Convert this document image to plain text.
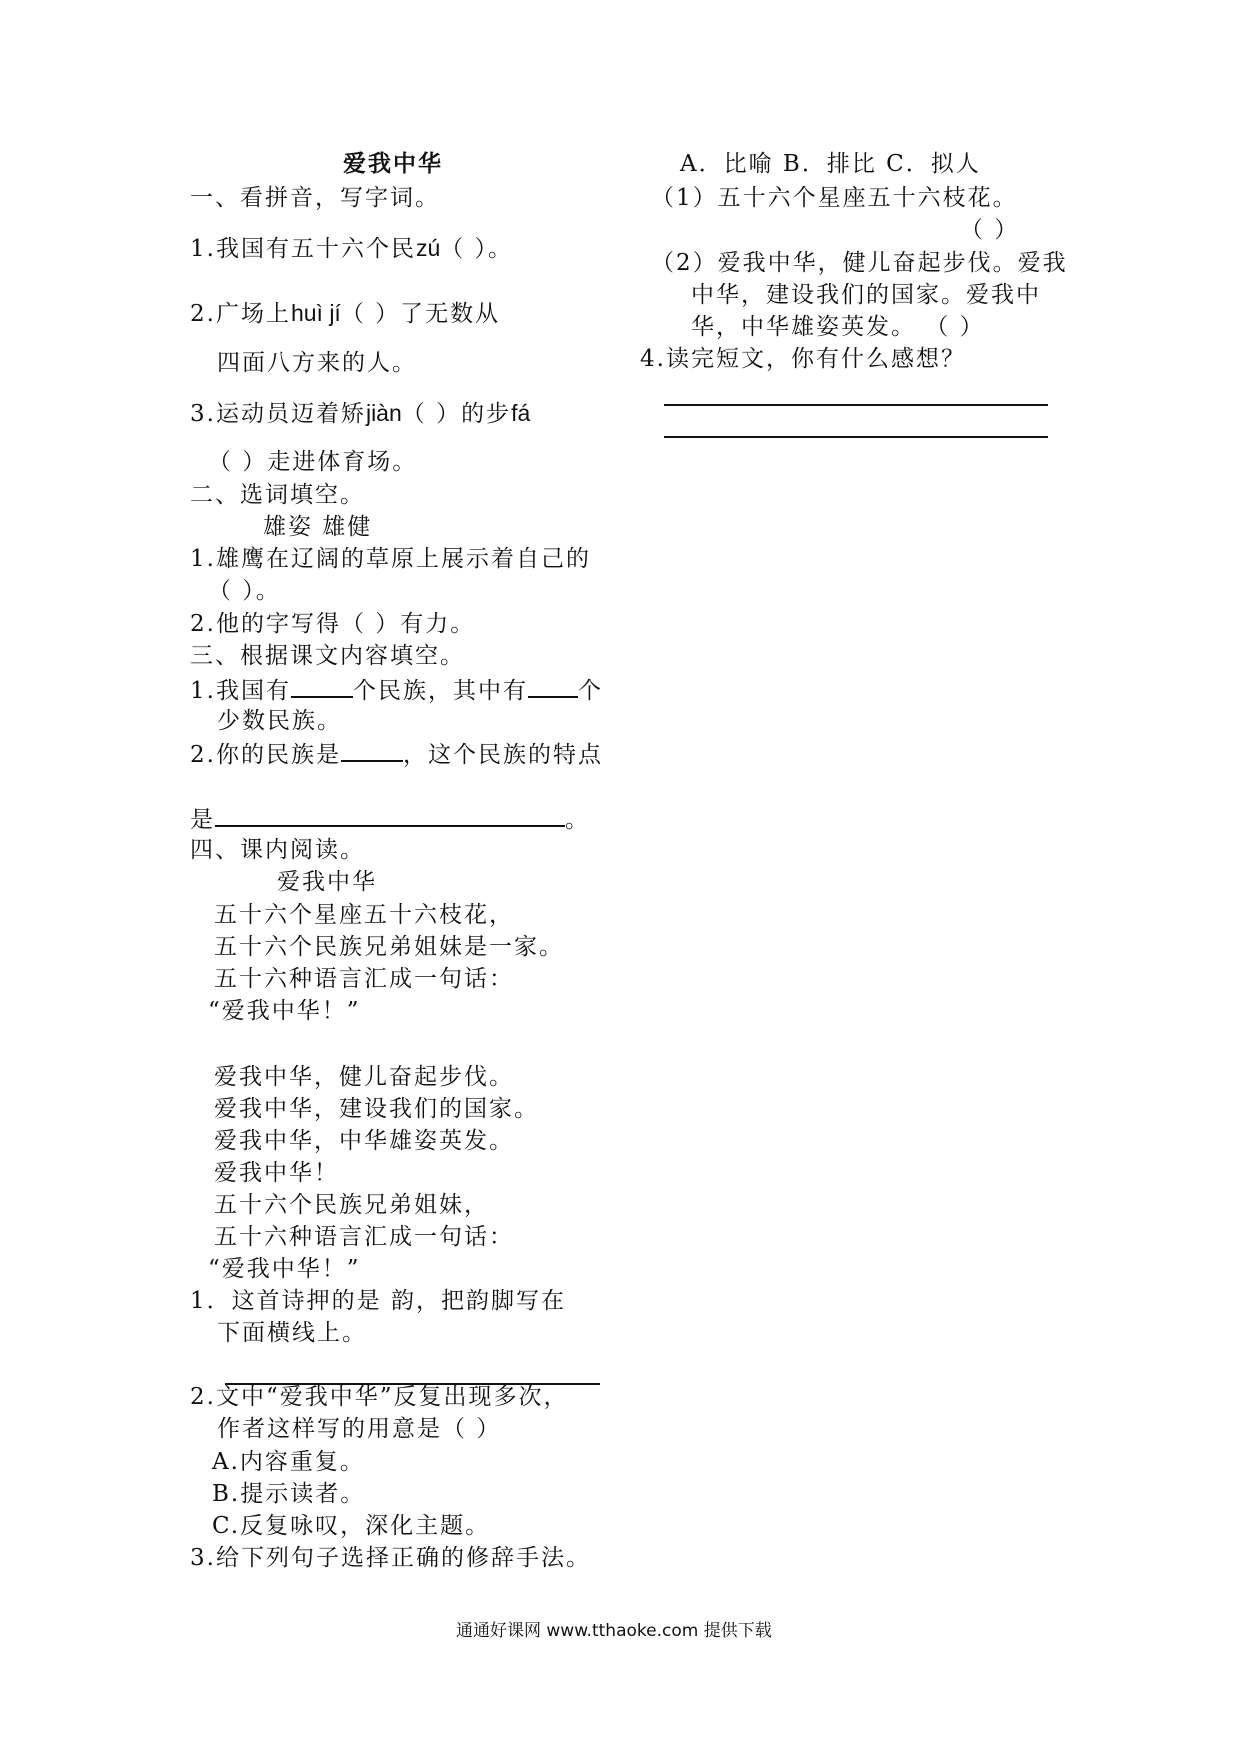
爱我中华
一、看拼音，写字词。
1.我国有五十六个民zú（ ）。
2.广场上huì jí（ ）了无数从
四面八方来的人。
3.运动员迈着矫jiàn（ ）的步fá
（ ）走进体育场。
二、选词填空。
雄姿 雄健
1.雄鹰在辽阔的草原上展示着自己的
（ ）。
2.他的字写得（ ）有力。
三、根据课文内容填空。
1.我国有	个民族，其中有 个
少数民族。
2.你的民族是	，这个民族的特点
是	。
四、课内阅读。
爱我中华
五十六个星座五十六枝花，
五十六个民族兄弟姐妹是一家。
五十六种语言汇成一句话：
“爱我中华！”
爱我中华，健儿奋起步伐。
爱我中华，建设我们的国家。
爱我中华，中华雄姿英发。
爱我中华！
五十六个民族兄弟姐妹，
五十六种语言汇成一句话：
“爱我中华！”
1．这首诗押的是 韵，把韵脚写在
下面横线上。
2.文中“爱我中华”反复出现多次，
作者这样写的用意是（ ）
A.内容重复。
B.提示读者。
C.反复咏叹，深化主题。
3.给下列句子选择正确的修辞手法。
A．比喻 B．排比 C．拟人
（1）五十六个星座五十六枝花。
（ ）
（2）爱我中华，健儿奋起步伐。爱我
中华，建设我们的国家。爱我中
华，中华雄姿英发。 （ ）
4.读完短文，你有什么感想？
通通好课网 www.tthaoke.com 提供下载
